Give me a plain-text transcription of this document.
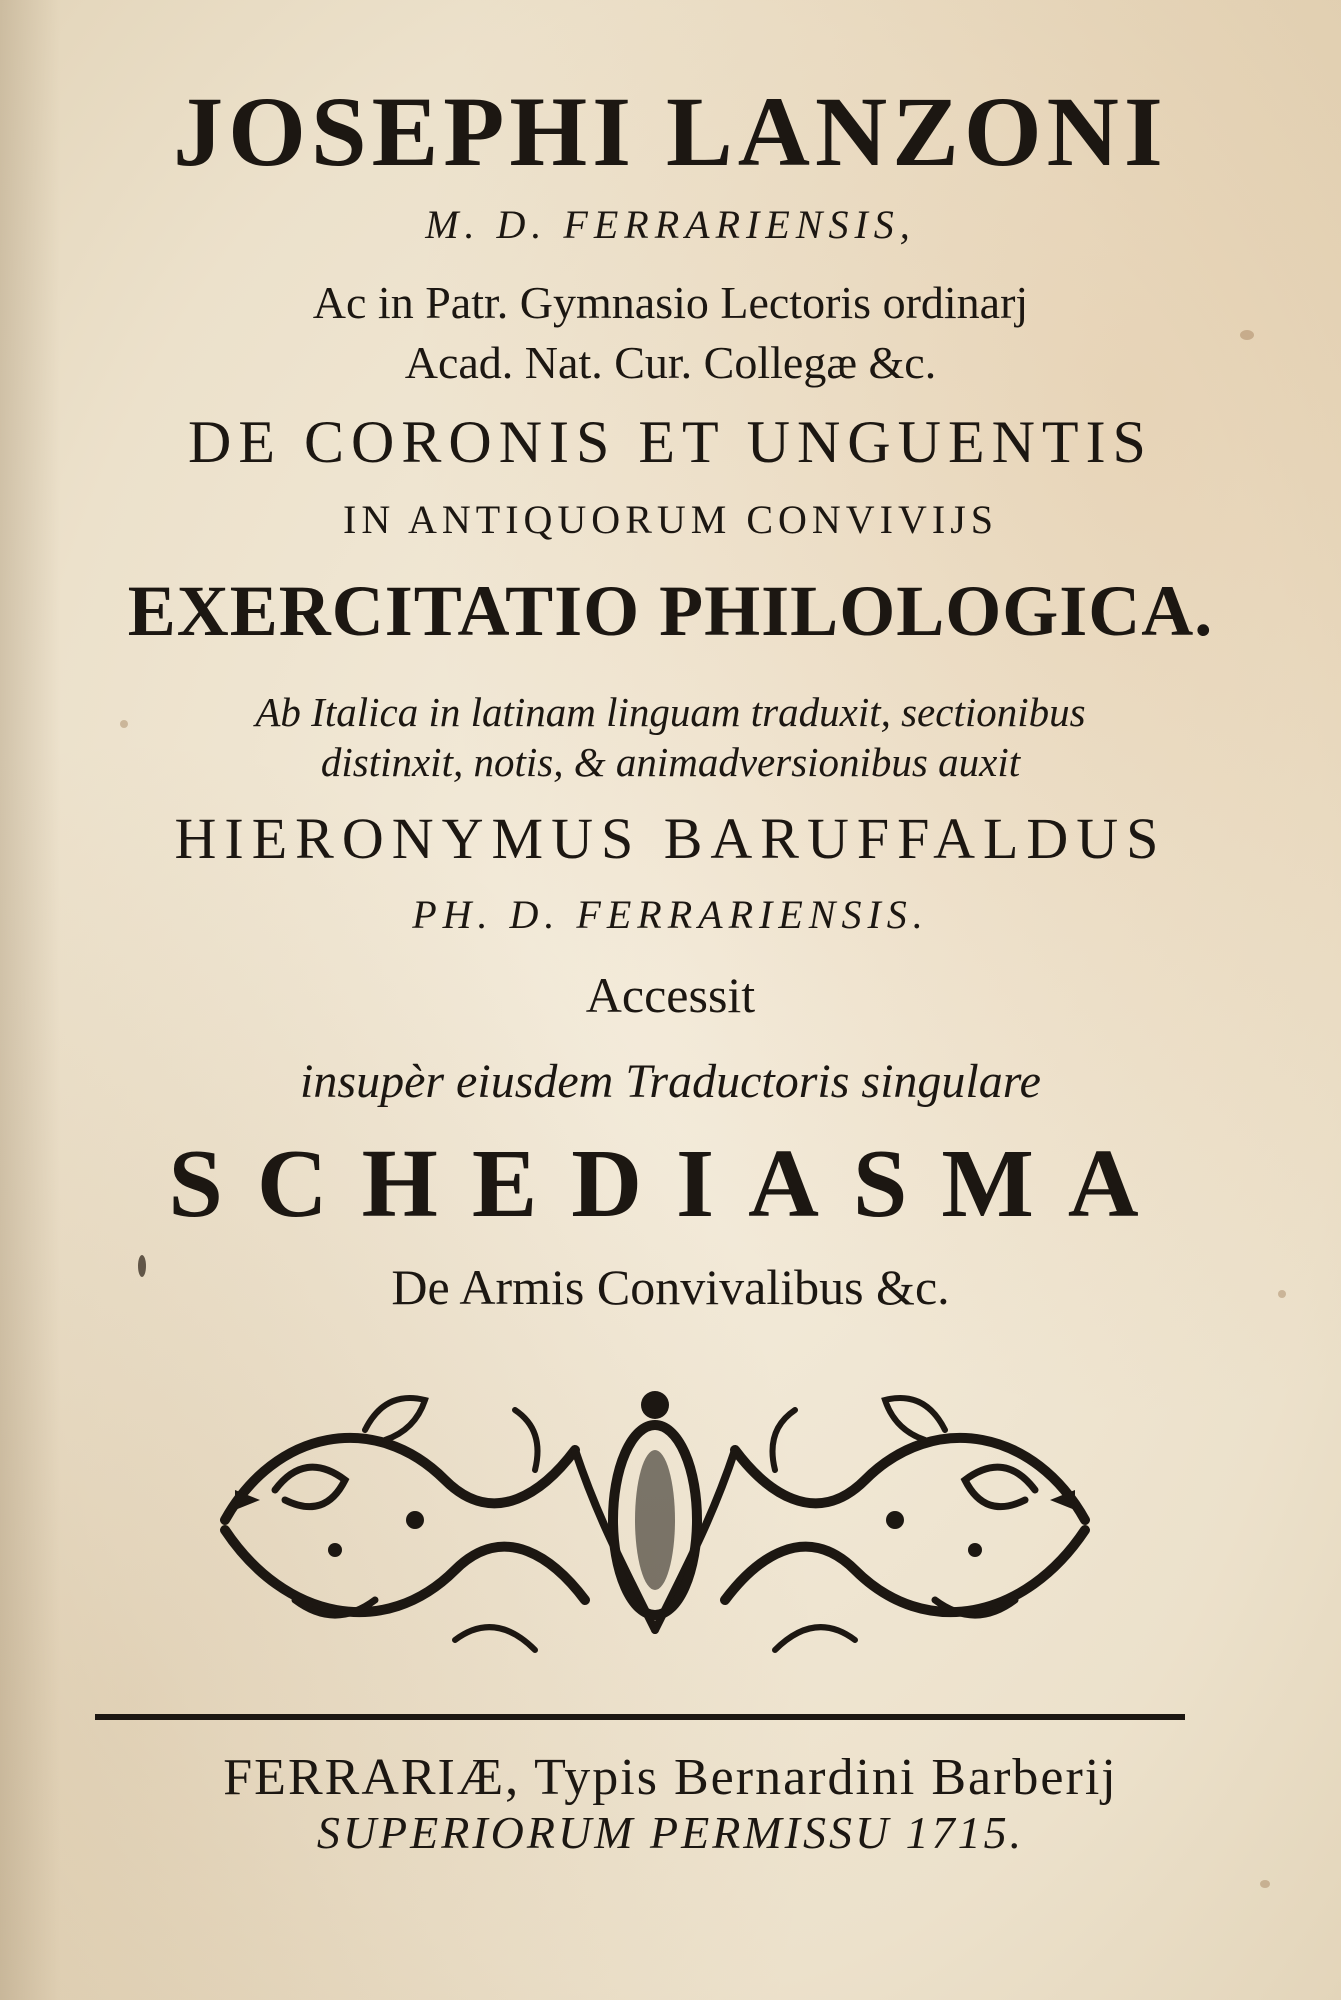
JOSEPHI LANZONI
M. D. FERRARIENSIS,
Ac in Patr. Gymnasio Lectoris ordinarj
Acad. Nat. Cur. Collegæ &c.
DE CORONIS ET UNGUENTIS
IN ANTIQUORUM CONVIVIJS
EXERCITATIO PHILOLOGICA.
Ab Italica in latinam linguam traduxit, sectionibus
distinxit, notis, & animadversionibus auxit
HIERONYMUS BARUFFALDUS
PH. D. FERRARIENSIS.
Accessit
insupèr eiusdem Traductoris singulare
SCHEDIASMA
De Armis Convivalibus &c.
FERRARIÆ, Typis Bernardini Barberij
SUPERIORUM PERMISSU 1715.
